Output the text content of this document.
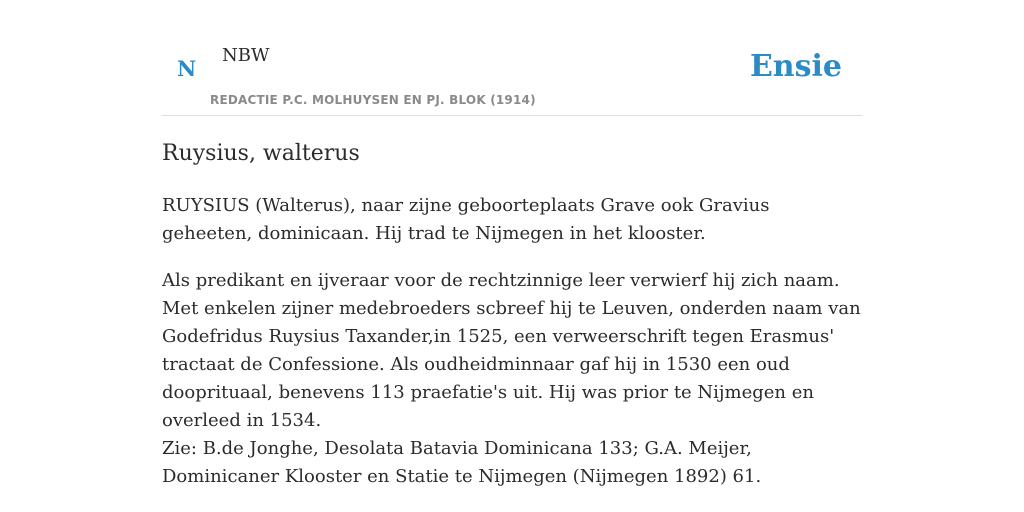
N
NBW
REDACTIE P.C. MOLHUYSEN EN PJ. BLOK (1914)
Ensie
Ruysius, walterus

RUYSIUS (Walterus), naar zijne geboorteplaats Grave ook Gravius geheeten, dominicaan. Hij trad te Nijmegen in het klooster.

Als predikant en ijveraar voor de rechtzinnige leer verwierf hij zich naam. Met enkelen zijner medebroeders scbreef hij te Leuven, onderden naam van Godefridus Ruysius Taxander,in 1525, een verweerschrift tegen Erasmus' tractaat de Confessione. Als oudheidminnaar gaf hij in 1530 een oud dooprituaal, benevens 113 praefatie's uit. Hij was prior te Nijmegen en overleed in 1534.

Zie: B.de Jonghe, Desolata Batavia Dominicana 133; G.A. Meijer, Dominicaner Klooster en Statie te Nijmegen (Nijmegen 1892) 61.
